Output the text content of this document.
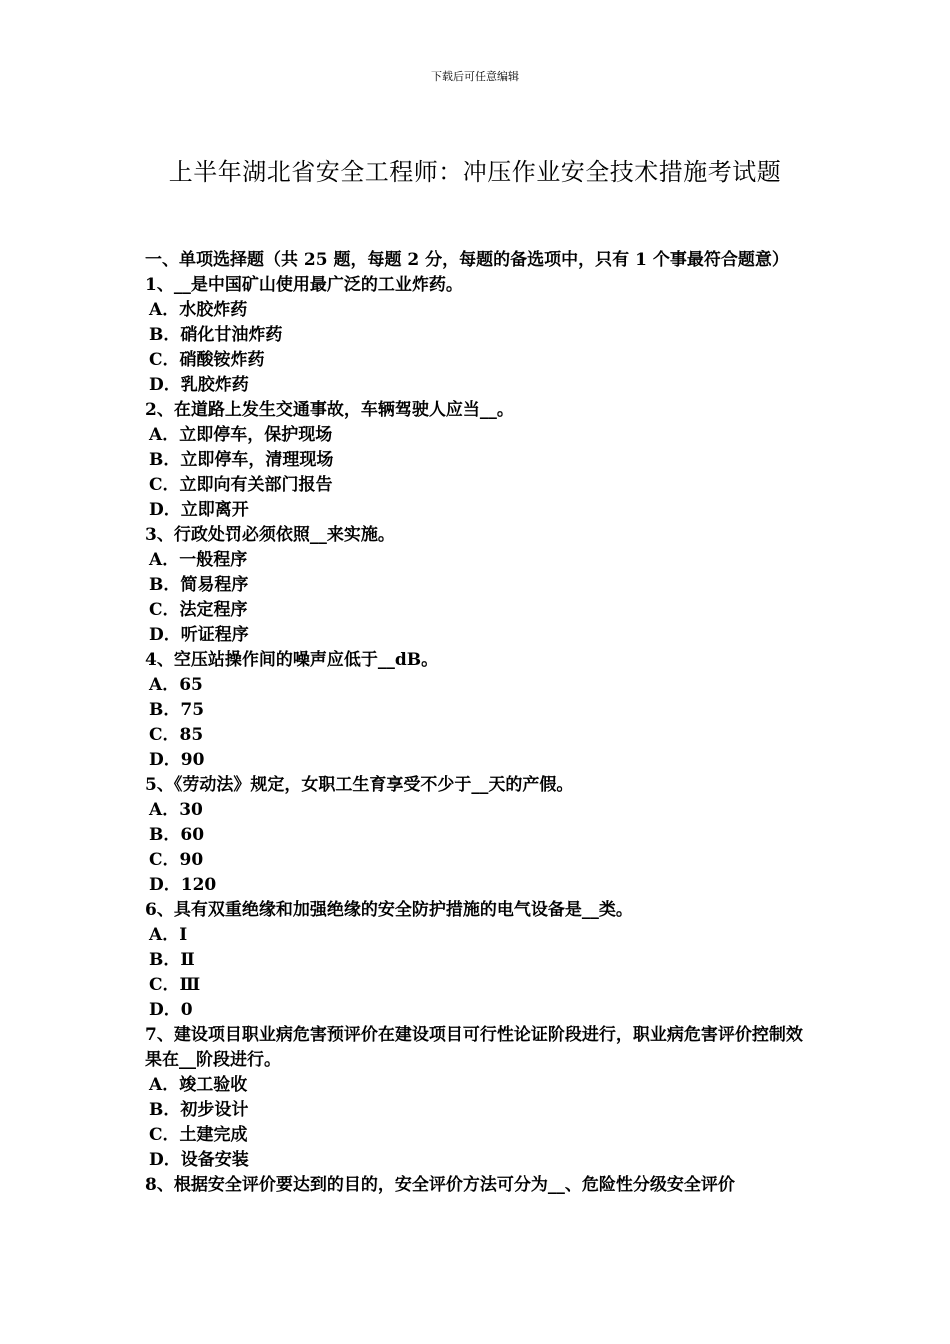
下载后可任意编辑
上半年湖北省安全工程师：冲压作业安全技术措施考试题
一、单项选择题（共 25 题，每题 2 分，每题的备选项中，只有 1 个事最符合题意）
1、__是中国矿山使用最广泛的工业炸药。
A．水胶炸药
B．硝化甘油炸药
C．硝酸铵炸药
D．乳胶炸药
2、在道路上发生交通事故，车辆驾驶人应当__。
A．立即停车，保护现场
B．立即停车，清理现场
C．立即向有关部门报告
D．立即离开
3、行政处罚必须依照__来实施。
A．一般程序
B．简易程序
C．法定程序
D．听证程序
4、空压站操作间的噪声应低于__dB。
A．65
B．75
C．85
D．90
5、《劳动法》规定，女职工生育享受不少于__天的产假。
A．30
B．60
C．90
D．120
6、具有双重绝缘和加强绝缘的安全防护措施的电气设备是__类。
A．Ⅰ
B．Ⅱ
C．Ⅲ
D．0
7、建设项目职业病危害预评价在建设项目可行性论证阶段进行，职业病危害评价控制效果在__阶段进行。
A．竣工验收
B．初步设计
C．土建完成
D．设备安装
8、根据安全评价要达到的目的，安全评价方法可分为__、危险性分级安全评价
